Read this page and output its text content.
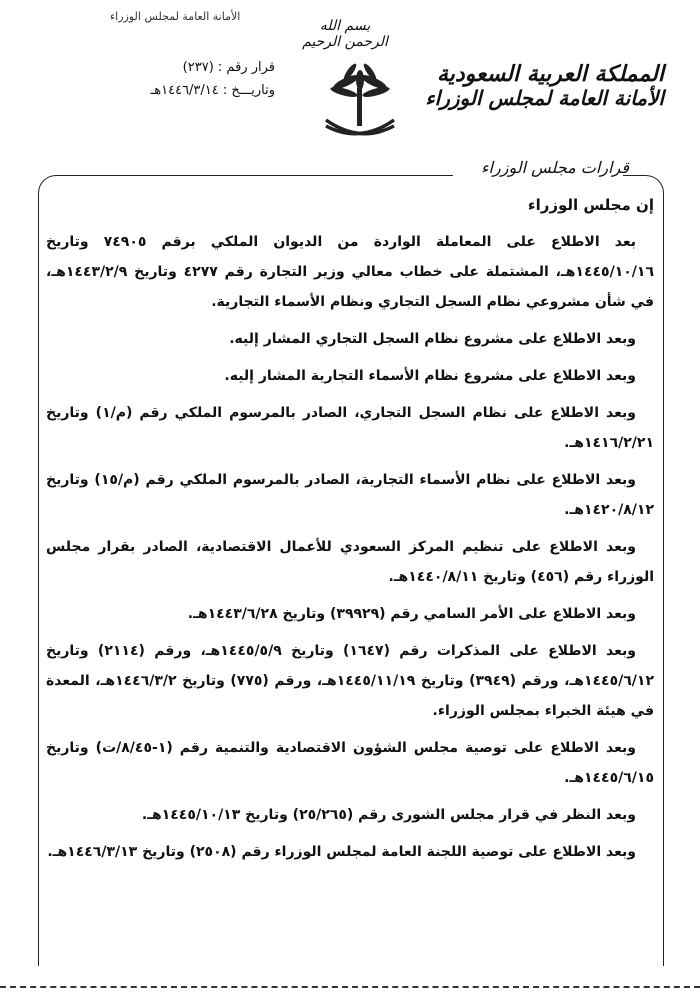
الأمانة العامة لمجلس الوزراء
بسم الله الرحمن الرحيم
قرار رقم : (٢٣٧)
وتاريـــخ : ١٤٤٦/٣/١٤هـ
المملكة العربية السعودية
الأمانة العامة لمجلس الوزراء
قرارات مجلس الوزراء

إن مجلس الوزراء

بعد الاطلاع على المعاملة الواردة من الديوان الملكي برقم ٧٤٩٠٥ وتاريخ ١٤٤٥/١٠/١٦هـ، المشتملة على خطاب معالي وزير التجارة رقم ٤٢٧٧ وتاريخ ١٤٤٣/٢/٩هـ، في شأن مشروعي نظام السجل التجاري ونظام الأسماء التجارية.

وبعد الاطلاع على مشروع نظام السجل التجاري المشار إليه.

وبعد الاطلاع على مشروع نظام الأسماء التجارية المشار إليه.

وبعد الاطلاع على نظام السجل التجاري، الصادر بالمرسوم الملكي رقم (م/١) وتاريخ ١٤١٦/٢/٢١هـ.

وبعد الاطلاع على نظام الأسماء التجارية، الصادر بالمرسوم الملكي رقم (م/١٥) وتاريخ ١٤٢٠/٨/١٢هـ.

وبعد الاطلاع على تنظيم المركز السعودي للأعمال الاقتصادية، الصادر بقرار مجلس الوزراء رقم (٤٥٦) وتاريخ ١٤٤٠/٨/١١هـ.

وبعد الاطلاع على الأمر السامي رقم (٣٩٩٢٩) وتاريخ ١٤٤٣/٦/٢٨هـ.

وبعد الاطلاع على المذكرات رقم (١٦٤٧) وتاريخ ١٤٤٥/٥/٩هـ، ورقم (٢١١٤) وتاريخ ١٤٤٥/٦/١٢هـ، ورقم (٣٩٤٩) وتاريخ ١٤٤٥/١١/١٩هـ، ورقم (٧٧٥) وتاريخ ١٤٤٦/٣/٢هـ، المعدة في هيئة الخبراء بمجلس الوزراء.

وبعد الاطلاع على توصية مجلس الشؤون الاقتصادية والتنمية رقم (١-٨/٤٥/ت) وتاريخ ١٤٤٥/٦/١٥هـ.

وبعد النظر في قرار مجلس الشورى رقم (٢٥/٢٦٥) وتاريخ ١٤٤٥/١٠/١٣هـ.

وبعد الاطلاع على توصية اللجنة العامة لمجلس الوزراء رقم (٢٥٠٨) وتاريخ ١٤٤٦/٣/١٣هـ.
